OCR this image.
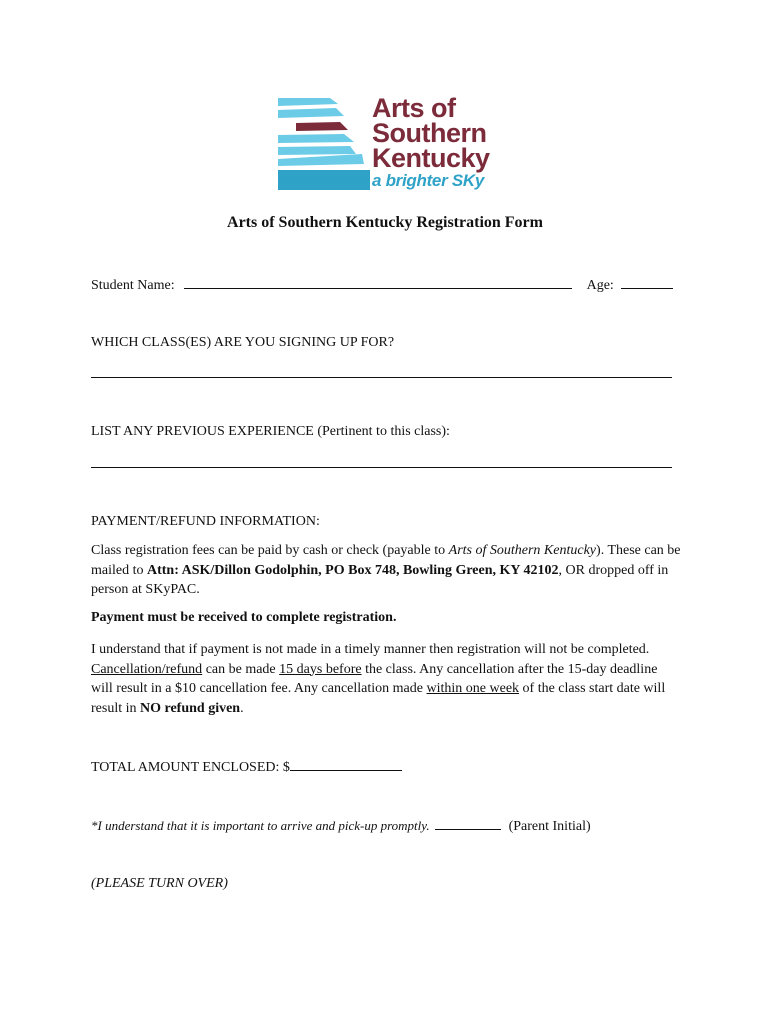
Arts of
Southern
Kentucky
a brighter SKy
Arts of Southern Kentucky Registration Form
Student Name:	Age:
WHICH CLASS(ES) ARE YOU SIGNING UP FOR?
LIST ANY PREVIOUS EXPERIENCE (Pertinent to this class):
PAYMENT/REFUND INFORMATION:
Class registration fees can be paid by cash or check (payable to Arts of Southern Kentucky). These can be mailed to Attn: ASK/Dillon Godolphin, PO Box 748, Bowling Green, KY 42102, OR dropped off in person at SKyPAC.
Payment must be received to complete registration.
I understand that if payment is not made in a timely manner then registration will not be completed. Cancellation/refund can be made 15 days before the class. Any cancellation after the 15-day deadline will result in a $10 cancellation fee. Any cancellation made within one week of the class start date will result in NO refund given.
TOTAL AMOUNT ENCLOSED: $
*I understand that it is important to arrive and pick-up promptly.	(Parent Initial)
(PLEASE TURN OVER)
